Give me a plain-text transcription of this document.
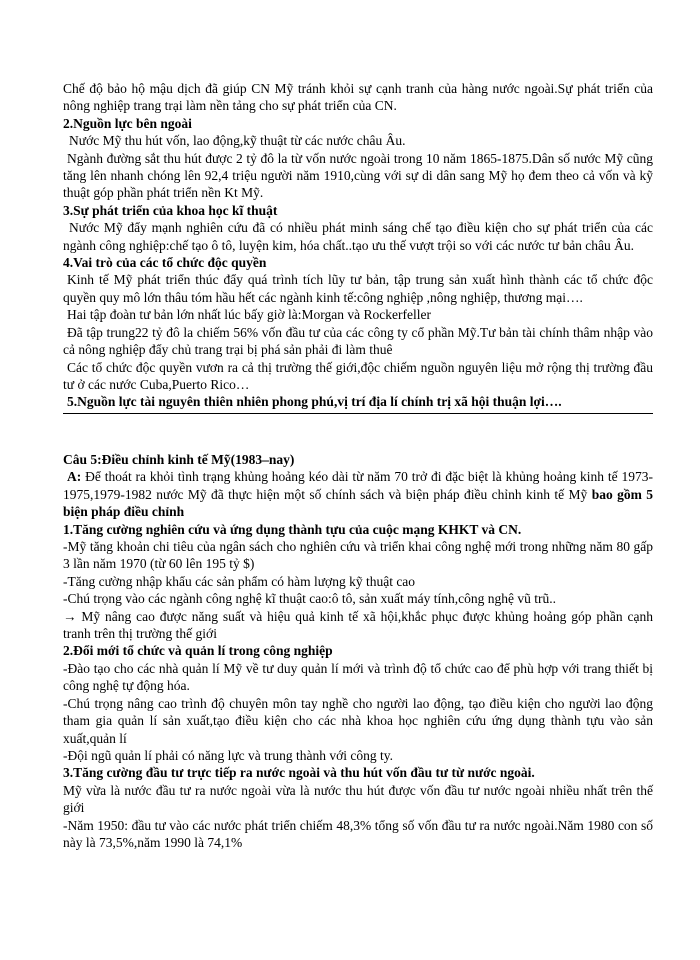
Chế độ bảo hộ mậu dịch đã giúp CN Mỹ tránh khỏi sự cạnh tranh của hàng nước ngoài.Sự phát triển của nông nghiệp trang trại làm nền tảng cho sự phát triển của CN.

2.Nguồn lực bên ngoài

Nước Mỹ thu hút vốn, lao động,kỹ thuật từ các nước châu Âu.

Ngành đường sắt thu hút được 2 tỷ đô la từ vốn nước ngoài trong 10 năm 1865-1875.Dân số nước Mỹ cũng tăng lên nhanh chóng lên 92,4 triệu người năm 1910,cùng với sự di dân sang Mỹ họ đem theo cả vốn và kỹ thuật góp phần phát triển nền Kt Mỹ.

3.Sự phát triển của khoa học kĩ thuật

Nước Mỹ đẩy mạnh nghiên cứu đã có nhiều phát minh sáng chế tạo điều kiện cho sự phát triển của các ngành công nghiệp:chế tạo ô tô, luyện kim, hóa chất..tạo ưu thế vượt trội so với các nước tư bản châu Âu.

4.Vai trò của các tổ chức độc quyền

Kinh tế Mỹ phát triển thúc đẩy quá trình tích lũy tư bản, tập trung sản xuất hình thành các tổ chức độc quyền quy mô lớn thâu tóm hầu hết các ngành kinh tế:công nghiệp ,nông nghiệp, thương mại….

Hai tập đoàn tư bản lớn nhất lúc bấy giờ là:Morgan và Rockerfeller

Đã tập trung22 tỷ đô la chiếm 56% vốn đầu tư của các công ty cổ phần Mỹ.Tư bản tài chính thâm nhập vào cả nông nghiệp đẩy chủ trang trại bị phá sản phải đi làm thuê

Các tổ chức độc quyền vươn ra cả thị trường thế giới,độc chiếm nguồn nguyên liệu mở rộng thị trường đầu tư ở các nước Cuba,Puerto Rico…

5.Nguồn lực tài nguyên thiên nhiên phong phú,vị trí địa lí chính trị xã hội thuận lợi….

Câu 5:Điều chỉnh kinh tế Mỹ(1983–nay)

A: Để thoát ra khỏi tình trạng khủng hoảng kéo dài từ năm 70 trở đi đặc biệt là khủng hoảng kinh tế 1973-1975,1979-1982 nước Mỹ đã thực hiện một số chính sách và biện pháp điều chỉnh kinh tế Mỹ bao gồm 5 biện pháp điều chỉnh

1.Tăng cường nghiên cứu và ứng dụng thành tựu của cuộc mạng KHKT và CN.

-Mỹ tăng khoản chi tiêu của ngân sách cho nghiên cứu và triển khai công nghệ mới trong những năm 80 gấp 3 lần năm 1970 (từ 60 lên 195 tỷ $)

-Tăng cường nhập khẩu các sản phẩm có hàm lượng kỹ thuật cao

-Chú trọng vào các ngành công nghệ kĩ thuật cao:ô tô, sản xuất máy tính,công nghệ vũ trũ..

→ Mỹ nâng cao được năng suất và hiệu quả kinh tế xã hội,khắc phục được khủng hoảng góp phần cạnh tranh trên thị trường thế giới

2.Đổi mới tổ chức và quản lí trong công nghiệp

-Đào tạo cho các nhà quản lí Mỹ về tư duy quản lí mới và trình độ tổ chức cao để phù hợp với trang thiết bị công nghệ tự động hóa.

-Chú trọng nâng cao trình độ chuyên môn tay nghề cho người lao động, tạo điều kiện cho người lao động tham gia quản lí sản xuất,tạo điều kiện cho các nhà khoa học nghiên cứu ứng dụng thành tựu vào sản xuất,quản lí

-Đội ngũ quản lí phải có năng lực và trung thành với công ty.

3.Tăng cường đầu tư trực tiếp ra nước ngoài và thu hút vốn đầu tư từ nước ngoài.

Mỹ vừa là nước đầu tư ra nước ngoài vừa là nước thu hút được vốn đầu tư nước ngoài nhiều nhất trên thế giới

-Năm 1950: đầu tư vào các nước phát triển chiếm 48,3% tổng số vốn đầu tư ra nước ngoài.Năm 1980 con số này là 73,5%,năm 1990 là 74,1%
